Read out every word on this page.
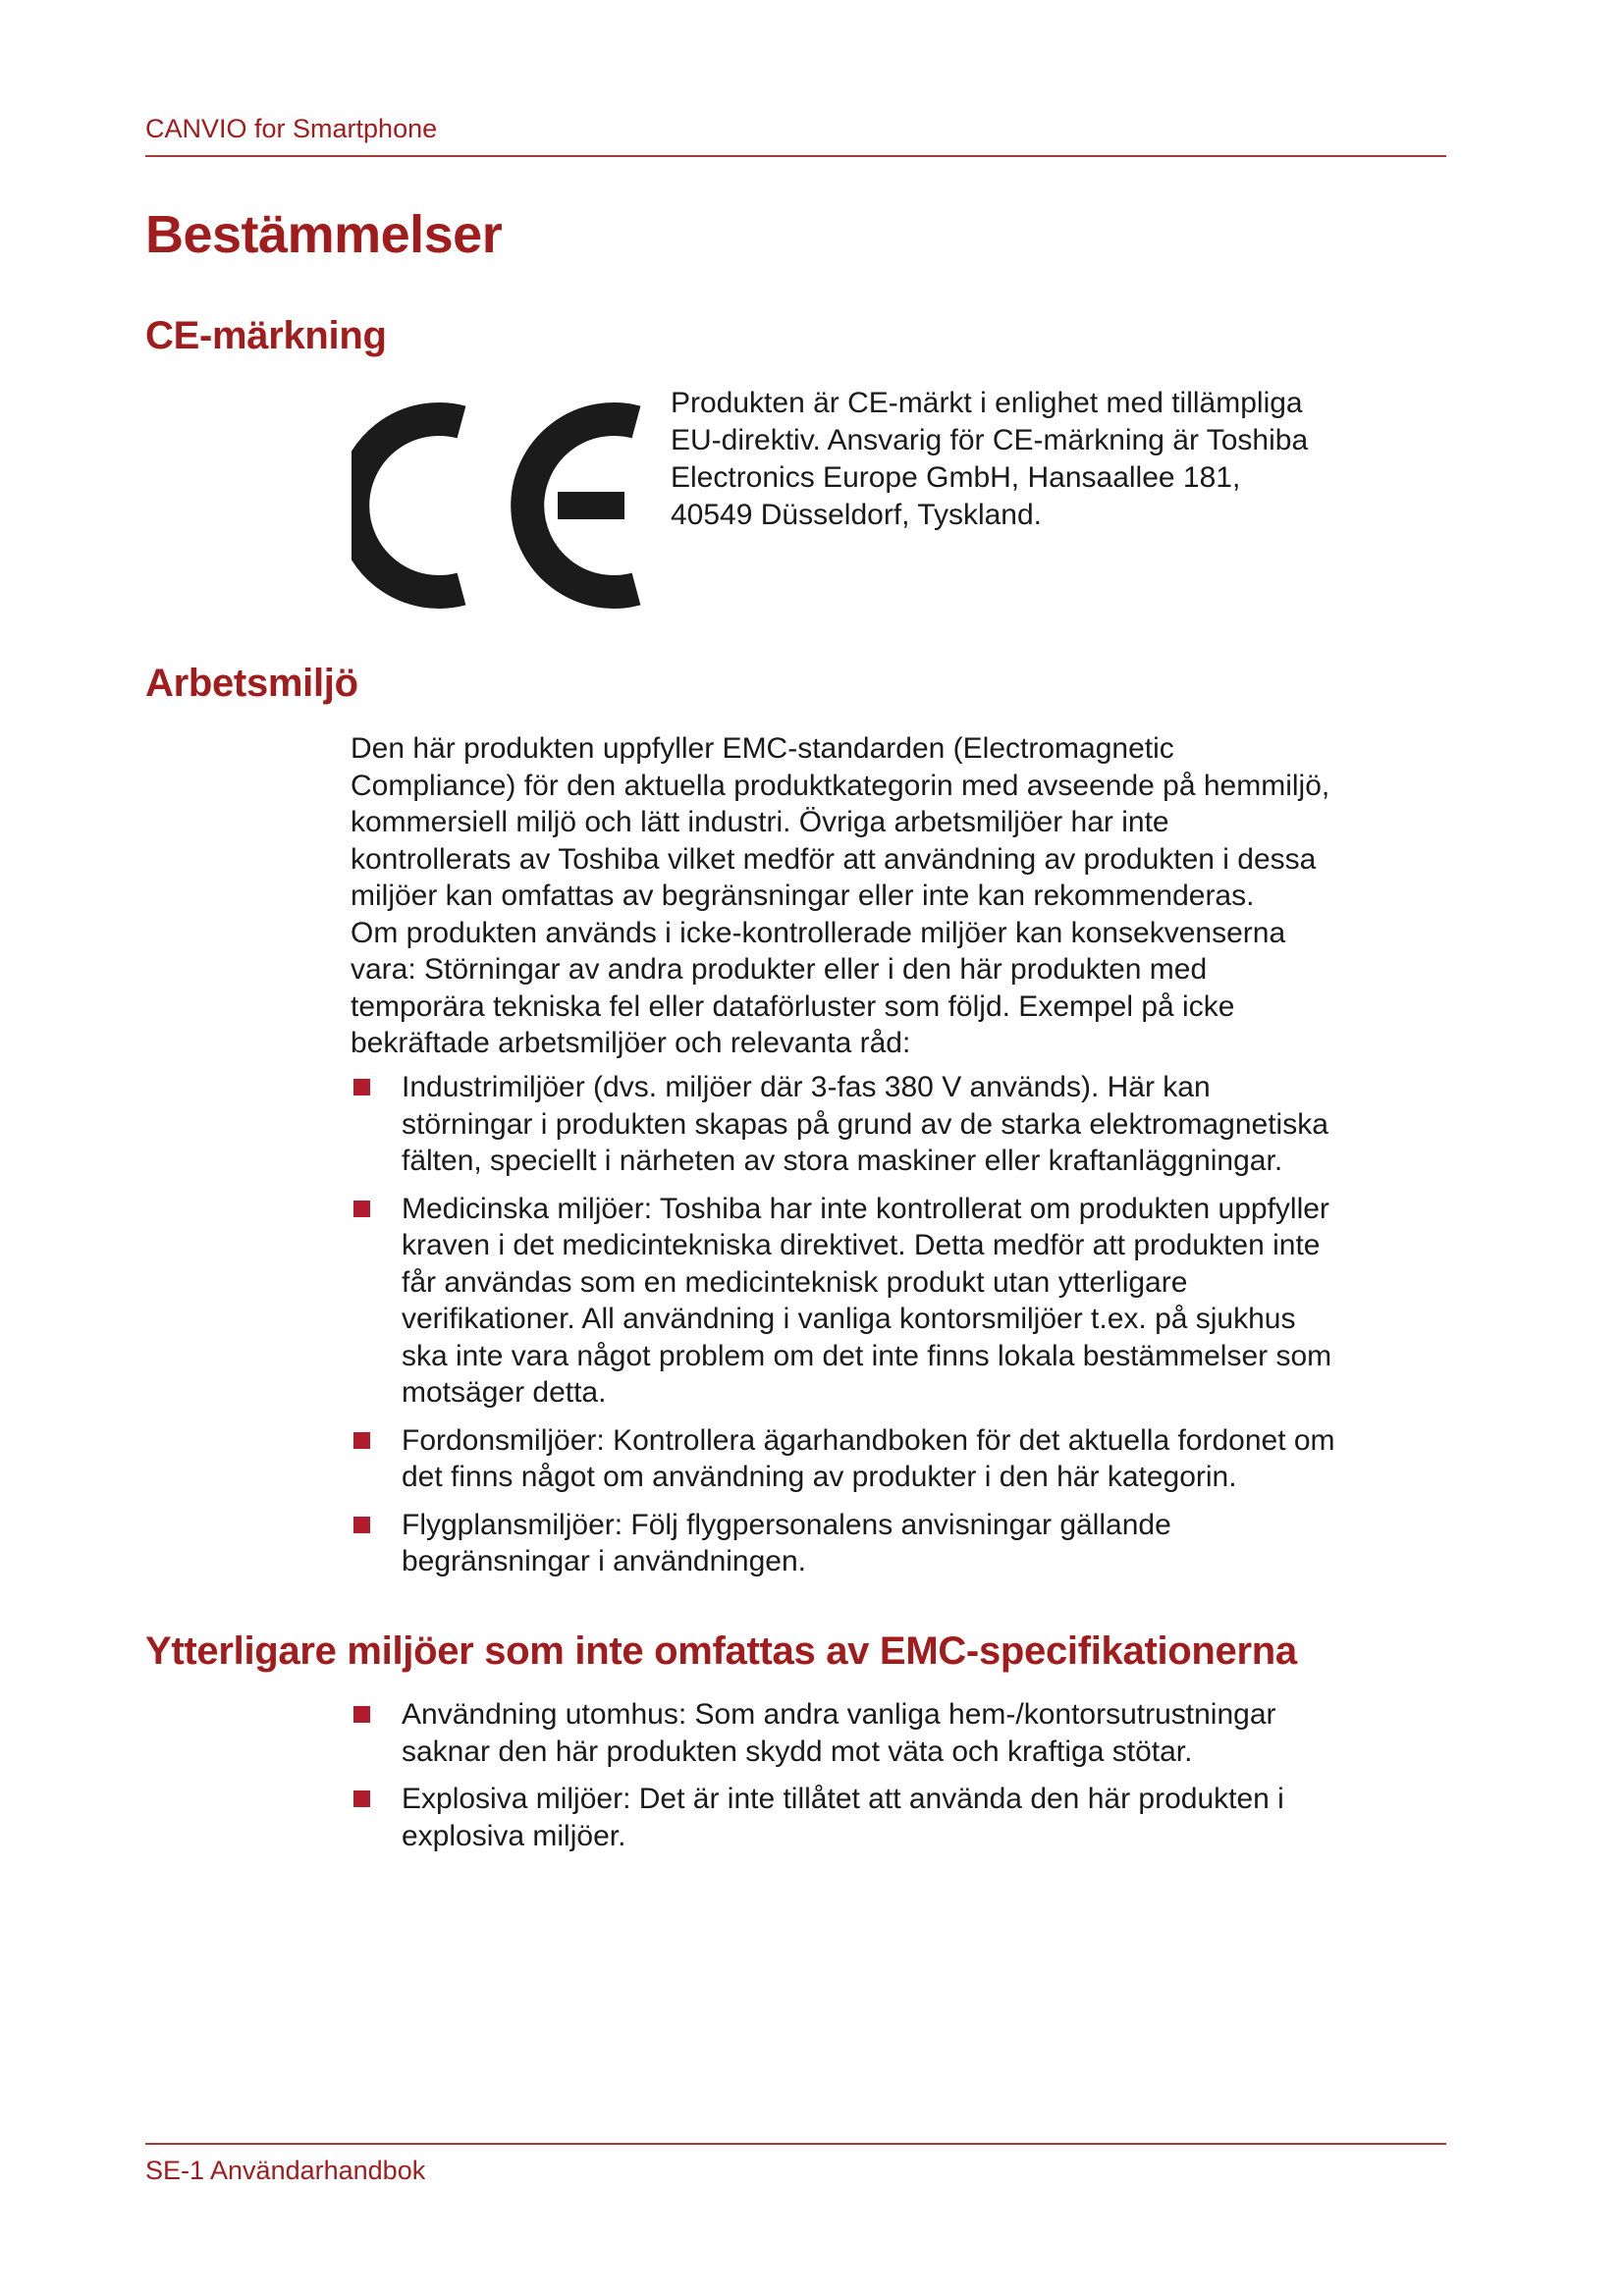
CANVIO for Smartphone
Bestämmelser
CE-märkning
Produkten är CE-märkt i enlighet med tillämpliga
EU-direktiv. Ansvarig för CE-märkning är Toshiba
Electronics Europe GmbH, Hansaallee 181,
40549 Düsseldorf, Tyskland.
Arbetsmiljö
Den här produkten uppfyller EMC-standarden (Electromagnetic
Compliance) för den aktuella produktkategorin med avseende på hemmiljö,
kommersiell miljö och lätt industri. Övriga arbetsmiljöer har inte
kontrollerats av Toshiba vilket medför att användning av produkten i dessa
miljöer kan omfattas av begränsningar eller inte kan rekommenderas.
Om produkten används i icke-kontrollerade miljöer kan konsekvenserna
vara: Störningar av andra produkter eller i den här produkten med
temporära tekniska fel eller dataförluster som följd. Exempel på icke
bekräftade arbetsmiljöer och relevanta råd:
Industrimiljöer (dvs. miljöer där 3-fas 380 V används). Här kan
störningar i produkten skapas på grund av de starka elektromagnetiska
fälten, speciellt i närheten av stora maskiner eller kraftanläggningar.
Medicinska miljöer: Toshiba har inte kontrollerat om produkten uppfyller
kraven i det medicintekniska direktivet. Detta medför att produkten inte
får användas som en medicinteknisk produkt utan ytterligare
verifikationer. All användning i vanliga kontorsmiljöer t.ex. på sjukhus
ska inte vara något problem om det inte finns lokala bestämmelser som
motsäger detta.
Fordonsmiljöer: Kontrollera ägarhandboken för det aktuella fordonet om
det finns något om användning av produkter i den här kategorin.
Flygplansmiljöer: Följ flygpersonalens anvisningar gällande
begränsningar i användningen.
Ytterligare miljöer som inte omfattas av EMC-specifikationerna
Användning utomhus: Som andra vanliga hem-/kontorsutrustningar
saknar den här produkten skydd mot väta och kraftiga stötar.
Explosiva miljöer: Det är inte tillåtet att använda den här produkten i
explosiva miljöer.
SE-1 Användarhandbok
